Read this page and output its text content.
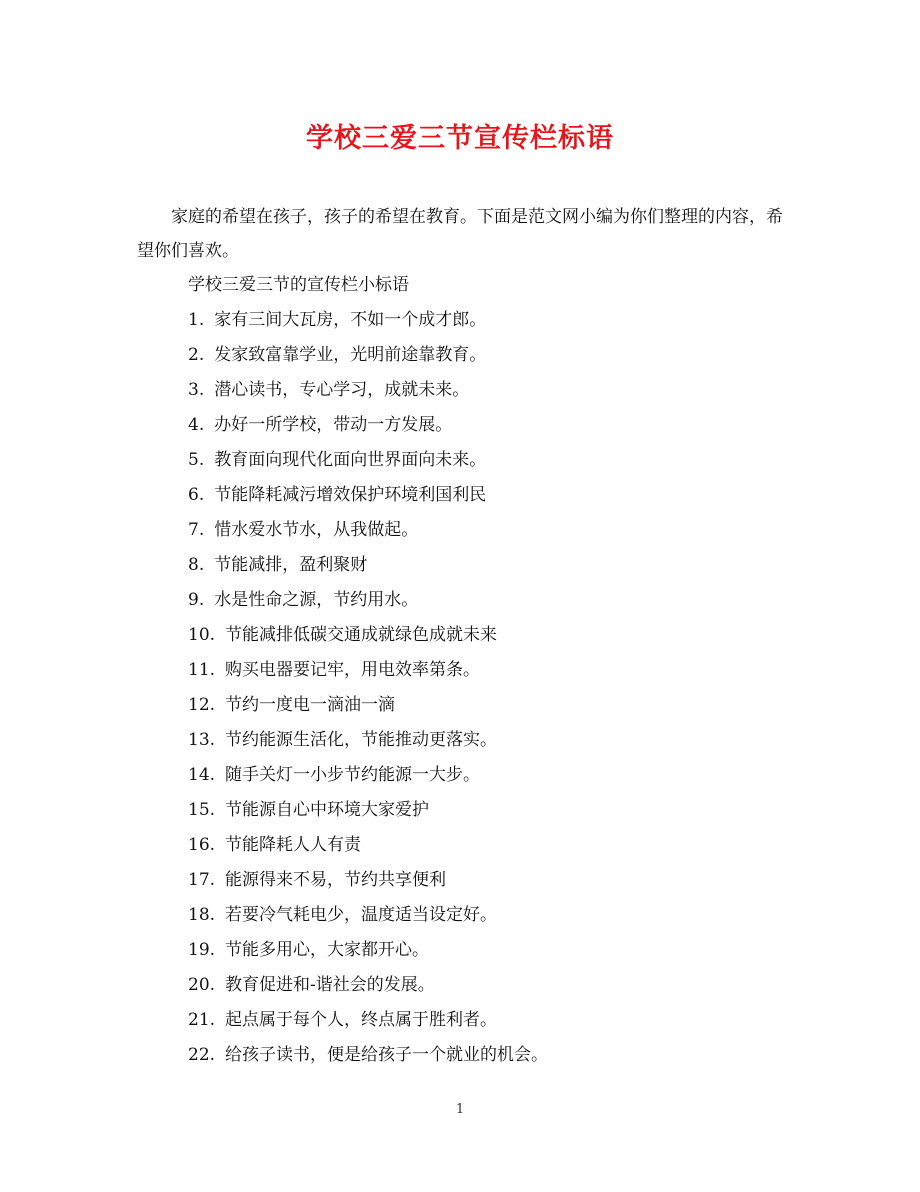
学校三爱三节宣传栏标语

家庭的希望在孩子，孩子的希望在教育。下面是范文网小编为你们整理的内容，希望你们喜欢。

学校三爱三节的宣传栏小标语

1. 家有三间大瓦房，不如一个成才郎。
2. 发家致富靠学业，光明前途靠教育。
3. 潜心读书，专心学习，成就未来。
4. 办好一所学校，带动一方发展。
5. 教育面向现代化面向世界面向未来。
6. 节能降耗减污增效保护环境利国利民
7. 惜水爱水节水，从我做起。
8. 节能减排，盈利聚财
9. 水是性命之源，节约用水。
10. 节能减排低碳交通成就绿色成就未来
11. 购买电器要记牢，用电效率第条。
12. 节约一度电一滴油一滴
13. 节约能源生活化，节能推动更落实。
14. 随手关灯一小步节约能源一大步。
15. 节能源自心中环境大家爱护
16. 节能降耗人人有责
17. 能源得来不易，节约共享便利
18. 若要冷气耗电少，温度适当设定好。
19. 节能多用心，大家都开心。
20. 教育促进和-谐社会的发展。
21. 起点属于每个人，终点属于胜利者。
22. 给孩子读书，便是给孩子一个就业的机会。
1
